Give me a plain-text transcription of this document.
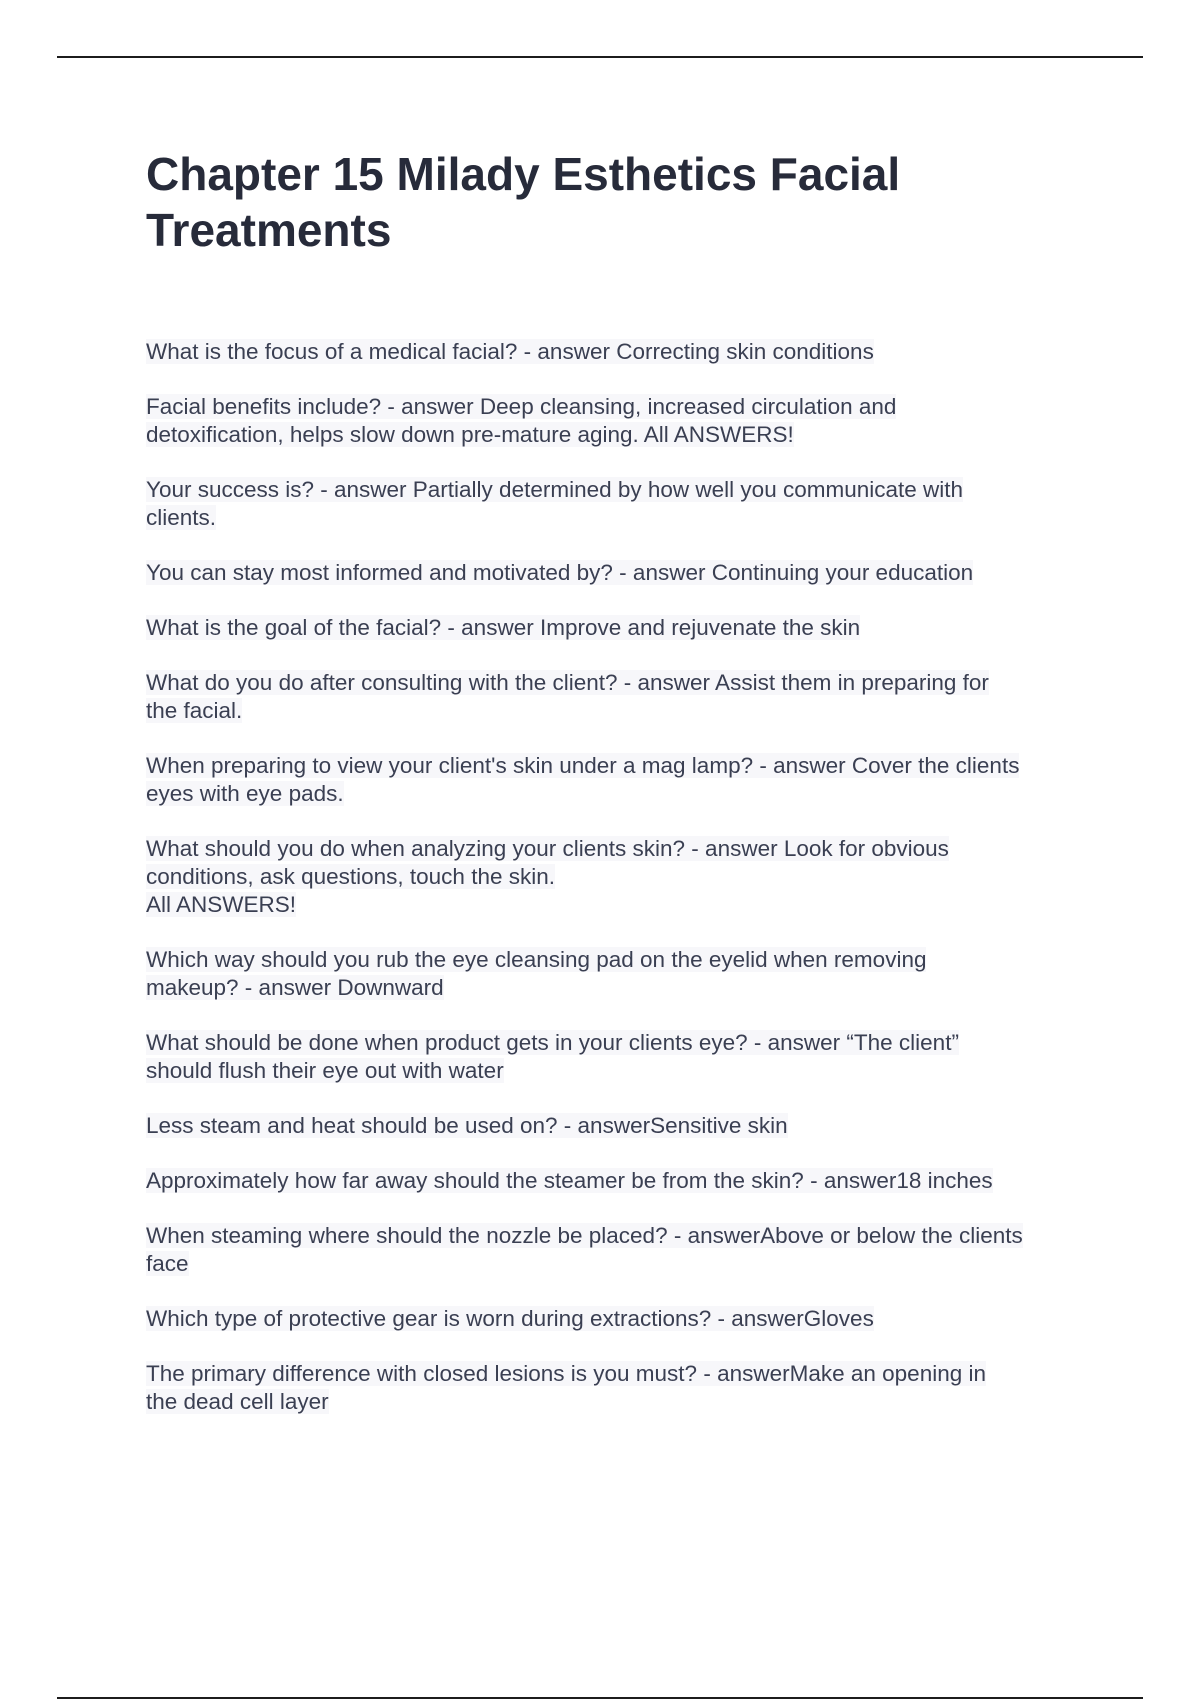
Chapter 15 Milady Esthetics Facial
Treatments
What is the focus of a medical facial? - answer Correcting skin conditions
Facial benefits include? - answer Deep cleansing, increased circulation and
detoxification, helps slow down pre-mature aging. All ANSWERS!
Your success is? - answer Partially determined by how well you communicate with
clients.
You can stay most informed and motivated by? - answer Continuing your education
What is the goal of the facial? - answer Improve and rejuvenate the skin
What do you do after consulting with the client? - answer Assist them in preparing for
the facial.
When preparing to view your client's skin under a mag lamp? - answer Cover the clients
eyes with eye pads.
What should you do when analyzing your clients skin? - answer Look for obvious
conditions, ask questions, touch the skin.
All ANSWERS!
Which way should you rub the eye cleansing pad on the eyelid when removing
makeup? - answer Downward
What should be done when product gets in your clients eye? - answer “The client”
should flush their eye out with water
Less steam and heat should be used on? - answerSensitive skin
Approximately how far away should the steamer be from the skin? - answer18 inches
When steaming where should the nozzle be placed? - answerAbove or below the clients
face
Which type of protective gear is worn during extractions? - answerGloves
The primary difference with closed lesions is you must? - answerMake an opening in
the dead cell layer
